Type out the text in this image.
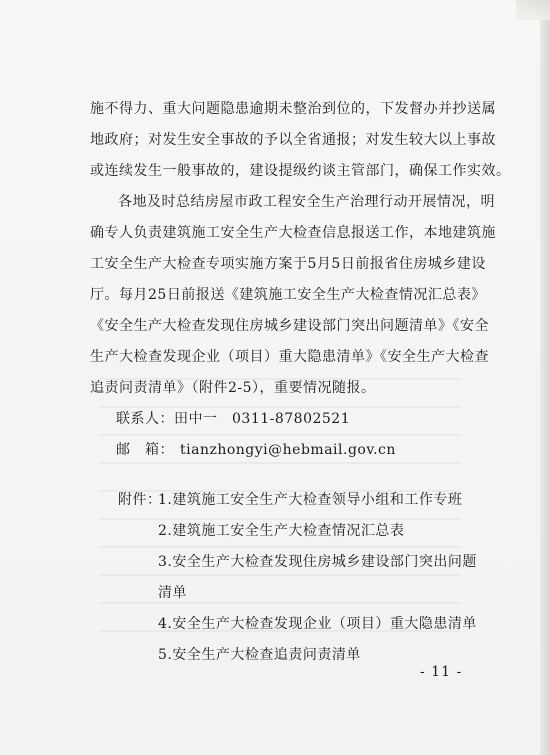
施不得力、重大问题隐患逾期未整治到位的，下发督办并抄送属
地政府；对发生安全事故的予以全省通报；对发生较大以上事故
或连续发生一般事故的，建设提级约谈主管部门，确保工作实效。
各地及时总结房屋市政工程安全生产治理行动开展情况，明
确专人负责建筑施工安全生产大检查信息报送工作，本地建筑施
工安全生产大检查专项实施方案于5月5日前报省住房城乡建设
厅。每月25日前报送《建筑施工安全生产大检查情况汇总表》
《安全生产大检查发现住房城乡建设部门突出问题清单》《安全
生产大检查发现企业（项目）重大隐患清单》《安全生产大检查
追责问责清单》（附件2-5），重要情况随报。
联系人：田中一　0311-87802521
邮　箱： tianzhongyi@hebmail.gov.cn
附件：
1.建筑施工安全生产大检查领导小组和工作专班
2.建筑施工安全生产大检查情况汇总表
3.安全生产大检查发现住房城乡建设部门突出问题
清单
4.安全生产大检查发现企业（项目）重大隐患清单
5.安全生产大检查追责问责清单
- 11 -
